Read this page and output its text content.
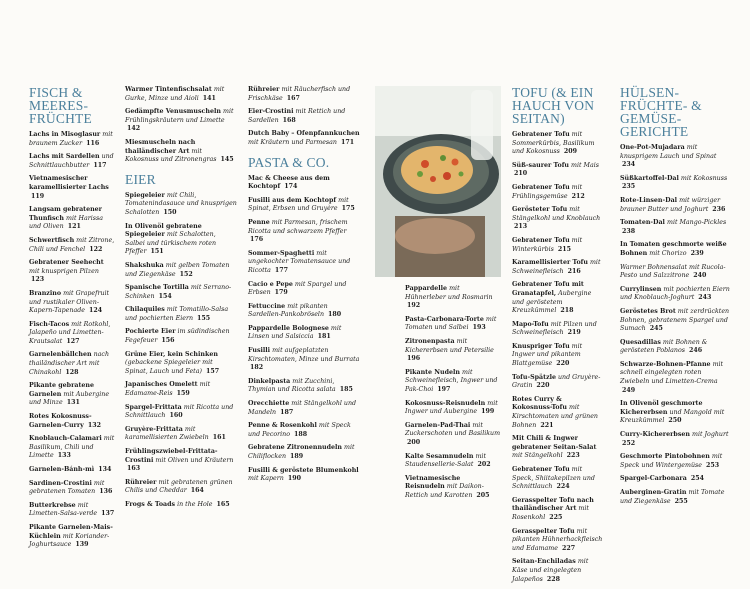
FISCH & MEERES-FRÜCHTE
Lachs in Misoglasur mit braunem Zucker 116
Lachs mit Sardellen und Schnittlauchbutter 117
Vietnamesischer karamellisierter Lachs 119
Langsam gebratener Thunfisch mit Harissa und Oliven 121
Schwertfisch mit Zitrone, Chili und Fenchel 122
Gebratener Seehecht mit knusprigen Pilzen 123
Branzino mit Grapefruit und rustikaler Oliven-Kapern-Tapenade 124
Fisch-Tacos mit Rotkohl, Jalapeño und Limetten-Krautsalat 127
Garnelenbällchen nach thailändischer Art mit Chinakohl 128
Pikante gebratene Garnelen mit Aubergine und Minze 131
Rotes Kokosnuss-Garnelen-Curry 132
Knoblauch-Calamari mit Basilikum, Chili und Limette 133
Garnelen-Bánh-mì 134
Sardinen-Crostini mit gebratenen Tomaten 136
Butterkrebse mit Limetten-Salsa-verde 137
Pikante Garnelen-Mais-Küchlein mit Koriander-Joghurtsauce 139
Warmer Tintenfischsalat mit Gurke, Minze und Aioli 141
Gedämpfte Venusmuscheln mit Frühlingskräutern und Limette 142
Miesmuscheln nach thailändischer Art mit Kokosnuss und Zitronengras 145
EIER
Spiegeleier mit Chili, Tomatenindasauce und knusprigen Schalotten 150
In Olivenöl gebratene Spiegeleier mit Schalotten, Salbei und türkischem roten Pfeffer 151
Shakshuka mit gelben Tomaten und Ziegenkäse 152
Spanische Tortilla mit Serrano-Schinken 154
Chilaquiles mit Tomatillo-Salsa und pochierten Eiern 155
Pochierte Eier im südindischen Fegefeuer 156
Grüne Eier, kein Schinken (gebackene Spiegeleier mit Spinat, Lauch und Feta) 157
Japanisches Omelett mit Edamame-Reis 159
Spargel-Frittata mit Ricotta und Schnittlauch 160
Gruyère-Frittata mit karamellisierten Zwiebeln 161
Frühlingszwiebel-Frittata-Crostini mit Oliven und Kräutern 163
Rühreier mit gebratenen grünen Chilis und Cheddar 164
Frogs & Toads in the Hole 165
Rühreier mit Räucherfisch und Frischkäse 167
Eier-Crostini mit Rettich und Sardellen 168
Dutch Baby – Ofenpfannkuchen mit Kräutern und Parmesan 171
PASTA & CO.
Mac & Cheese aus dem Kochtopf 174
Fusilli aus dem Kochtopf mit Spinat, Erbsen und Gruyère 175
Penne mit Parmesan, frischem Ricotta und schwarzem Pfeffer 176
Sommer-Spaghetti mit ungekochter Tomatensauce und Ricotta 177
Cacio e Pepe mit Spargel und Erbsen 179
Fettuccine mit pikanten Sardellen-Pankobröseln 180
Pappardelle Bolognese mit Linsen und Salsiccia 181
Fusilli mit aufgeplatzten Kirschtomaten, Minze und Burrata 182
Dinkelpasta mit Zucchini, Thymian und Ricotta salata 185
Orecchiette mit Stängelkohl und Mandeln 187
Penne & Rosenkohl mit Speck und Pecorino 188
Gebratene Zitronennudeln mit Chiliflocken 189
Fusilli & geröstete Blumenkohl mit Kapern 190
Pappardelle mit Hühnerleber und Rosmarin 192
Pasta-Carbonara-Torte mit Tomaten und Salbei 193
Zitronenpasta mit Kichererbsen und Petersilie 196
Pikante Nudeln mit Schweinefleisch, Ingwer und Pak-Choi 197
Kokosnuss-Reisnudeln mit Ingwer und Aubergine 199
Garnelen-Pad-Thai mit Zuckerschoten und Basilikum 200
Kalte Sesamnudeln mit Staudensellerie-Salat 202
Vietnamesische Reisnudeln mit Daikon-Rettich und Karotten 205
TOFU (& EIN HAUCH VON SEITAN)
Gebratener Tofu mit Sommerkürbis, Basilikum und Kokosnuss 209
Süß-saurer Tofu mit Mais 210
Gebratener Tofu mit Frühlingsgemüse 212
Gerösteter Tofu mit Stängelkohl und Knoblauch 213
Gebratener Tofu mit Winterkürbis 215
Karamellisierter Tofu mit Schweinefleisch 216
Gebratener Tofu mit Granatapfel, Aubergine und geröstetem Kreuzkümmel 218
Mapo-Tofu mit Pilzen und Schweinefleisch 219
Knuspriger Tofu mit Ingwer und pikantem Blattgemüse 220
Tofu-Spätzle und Gruyère-Gratin 220
Rotes Curry & Kokosnuss-Tofu mit Kirschtomaten und grünen Bohnen 221
Mit Chili & Ingwer gebratener Seitan-Salat mit Stängelkohl 223
Gebratener Tofu mit Speck, Shiitakepilzen und Schnittlauch 224
Gerasspelter Tofu nach thailändischer Art mit Rosenkohl 225
Gerasspelter Tofu mit pikanten Hühnerhackfleisch und Edamame 227
Seitan-Enchiladas mit Käse und eingelegten Jalapeños 228
HÜLSEN-FRÜCHTE- & GEMÜSE-GERICHTE
One-Pot-Mujadara mit knusprigem Lauch und Spinat 234
Süßkartoffel-Dal mit Kokosnuss 235
Rote-Linsen-Dal mit würziger brauner Butter und Joghurt 236
Tomaten-Dal mit Mango-Pickles 238
In Tomaten geschmorte weiße Bohnen mit Chorizo 239
Warmer Bohnensalat mit Rucola-Pesto und Salzzitrone 240
Currylinsen mit pochierten Eiern und Knoblauch-Joghurt 243
Geröstetes Brot mit zerdrückten Bohnen, gebratenem Spargel und Sumach 245
Quesadillas mit Bohnen & gerösteten Poblanos 246
Schwarze-Bohnen-Pfanne mit schnell eingelegten roten Zwiebeln und Limetten-Crema 249
In Olivenöl geschmorte Kichererbsen und Mangold mit Kreuzkümmel 250
Curry-Kichererbsen mit Joghurt 252
Geschmorte Pintobohnen mit Speck und Wintergemüse 253
Spargel-Carbonara 254
Auberginen-Gratin mit Tomate und Ziegenkäse 255
